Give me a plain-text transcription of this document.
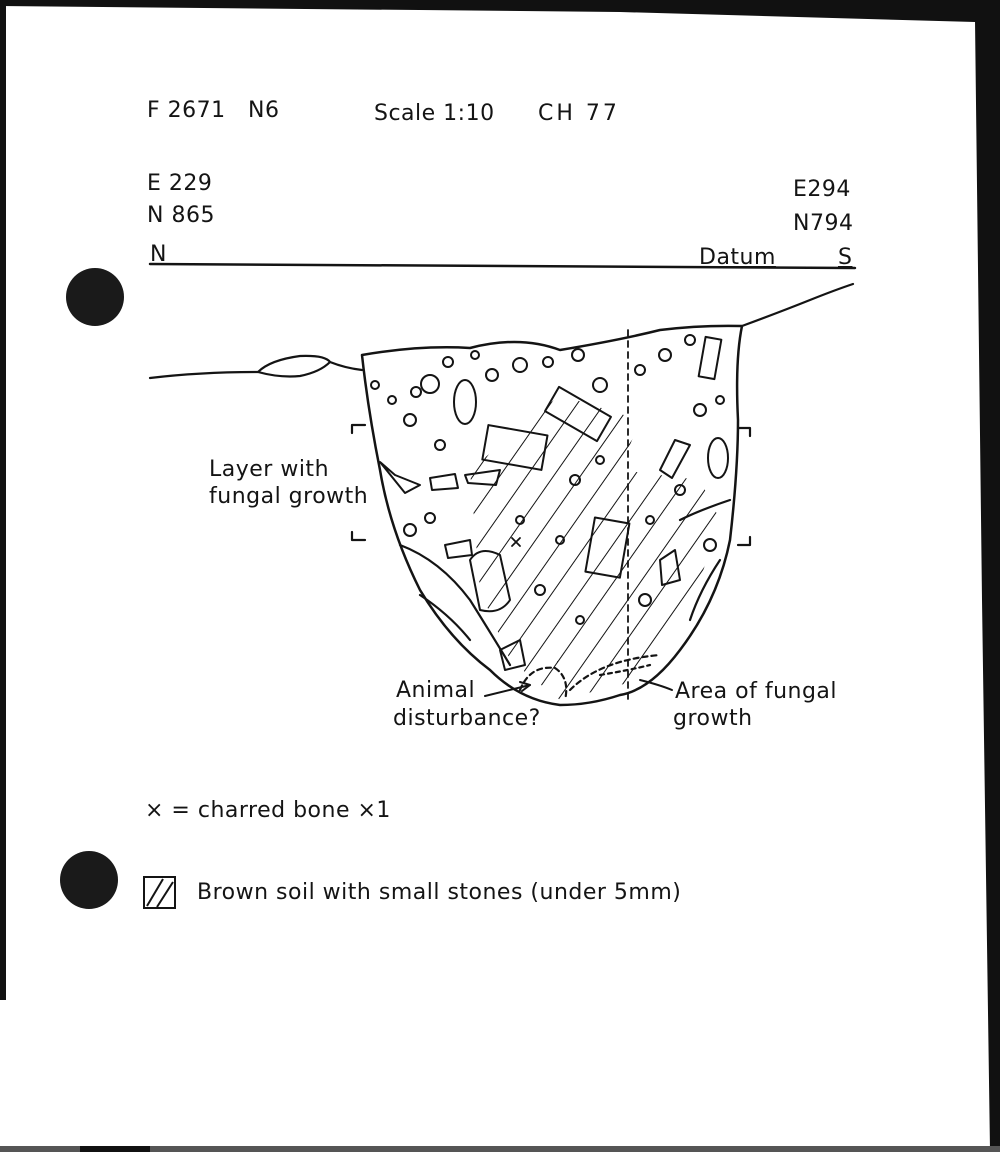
F 2671 N6	Scale 1:10 CH 77
E 229
N 865
N
E294
N794
Datum	S
Layer with
fungal growth
Animal
disturbance?
Area of fungal
growth
× = charred bone ×1
Brown soil with small stones (under 5mm)
